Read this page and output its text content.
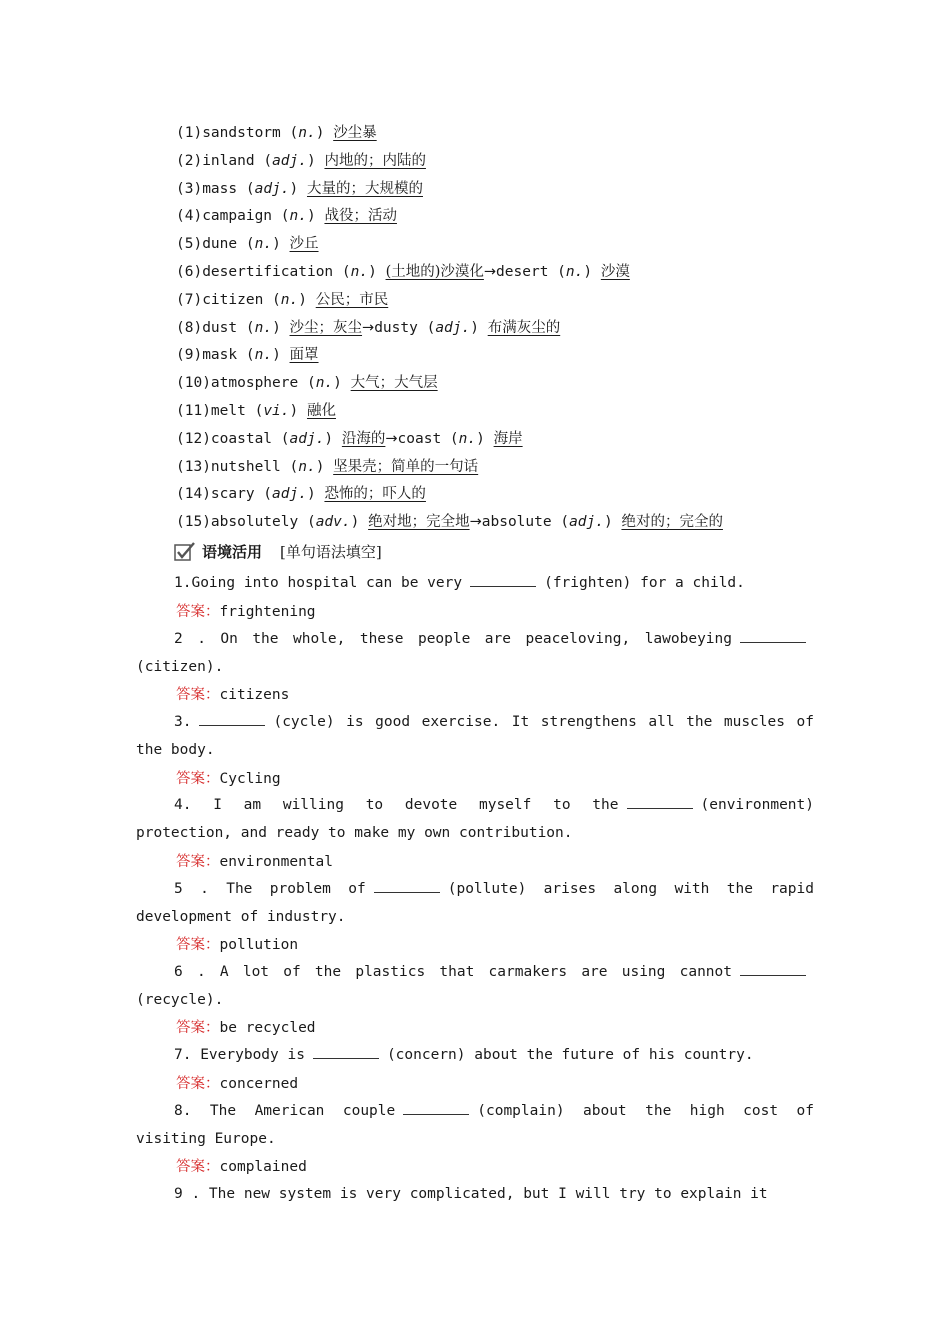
(1)sandstorm (n.) 沙尘暴
(2)inland (adj.) 内地的；内陆的
(3)mass (adj.) 大量的；大规模的
(4)campaign (n.) 战役；活动
(5)dune (n.) 沙丘
(6)desertification (n.) (土地的)沙漠化→desert (n.) 沙漠
(7)citizen (n.) 公民；市民
(8)dust (n.) 沙尘；灰尘→dusty (adj.) 布满灰尘的
(9)mask (n.) 面罩
(10)atmosphere (n.) 大气；大气层
(11)melt (vi.) 融化
(12)coastal (adj.) 沿海的→coast (n.) 海岸
(13)nutshell (n.) 坚果壳；简单的一句话
(14)scary (adj.) 恐怖的；吓人的
(15)absolutely (adv.) 绝对地；完全地→absolute (adj.) 绝对的；完全的
语境活用 [单句语法填空]
1.Going into hospital can be very	(frighten) for a child.
答案：frightening
2 . On the whole, these people are peaceloving, lawobeying(citizen).
答案：citizens
3.	(cycle) is good exercise. It strengthens all the muscles of the body.
答案：Cycling
4. I am willing to devote myself to the	(environment) protection, and ready to make my own contribution.
答案：environmental
5 . The problem of	(pollute) arises along with the rapid development of industry.
答案：pollution
6 . A lot of the plastics that carmakers are using cannot(recycle).
答案：be recycled
7. Everybody is	(concern) about the future of his country.
答案：concerned
8. The American couple	(complain) about the high cost of visiting Europe.
答案：complained
9 . The new system is very complicated, but I will try to explain it
